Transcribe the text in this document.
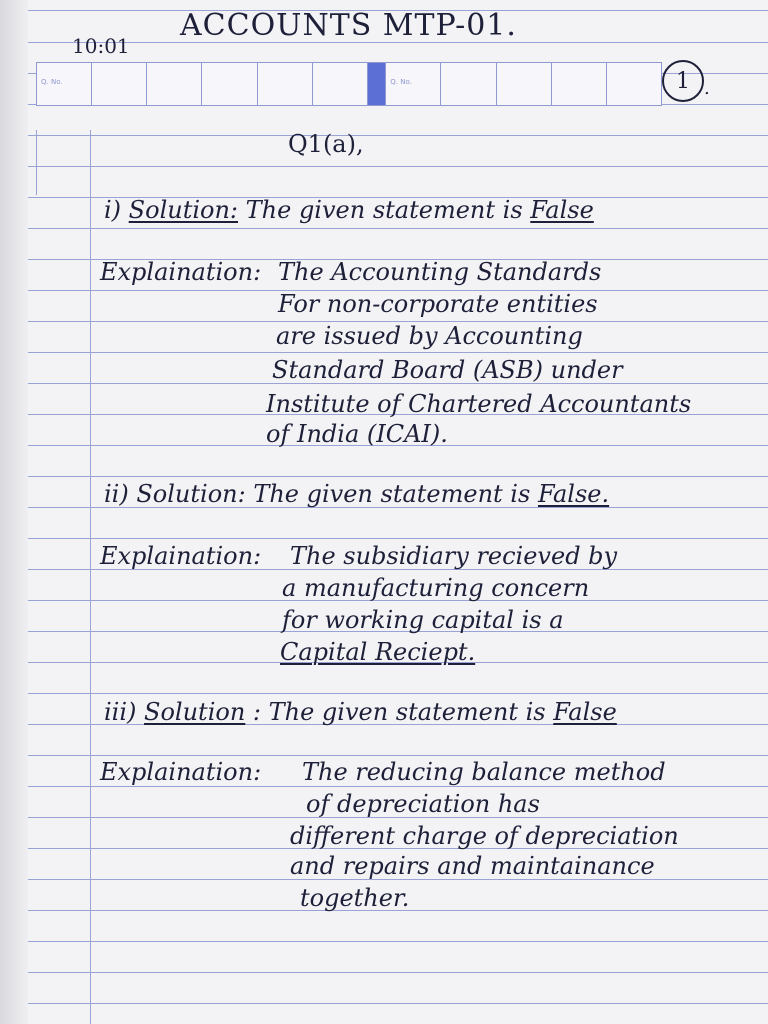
ACCOUNTS MTP-01.
10:01
Q. No.	Q. No.	1 .
Q1(a),
i) Solution: The given statement is False
Explaination: The Accounting Standards
For non-corporate entities
are issued by Accounting
Standard Board (ASB) under
Institute of Chartered Accountants
of India (ICAI).
ii) Solution: The given statement is False.
Explaination: The subsidiary recieved by
a manufacturing concern
for working capital is a
Capital Reciept.
iii) Solution : The given statement is False
Explaination: The reducing balance method
of depreciation has
different charge of depreciation
and repairs and maintainance
together.
